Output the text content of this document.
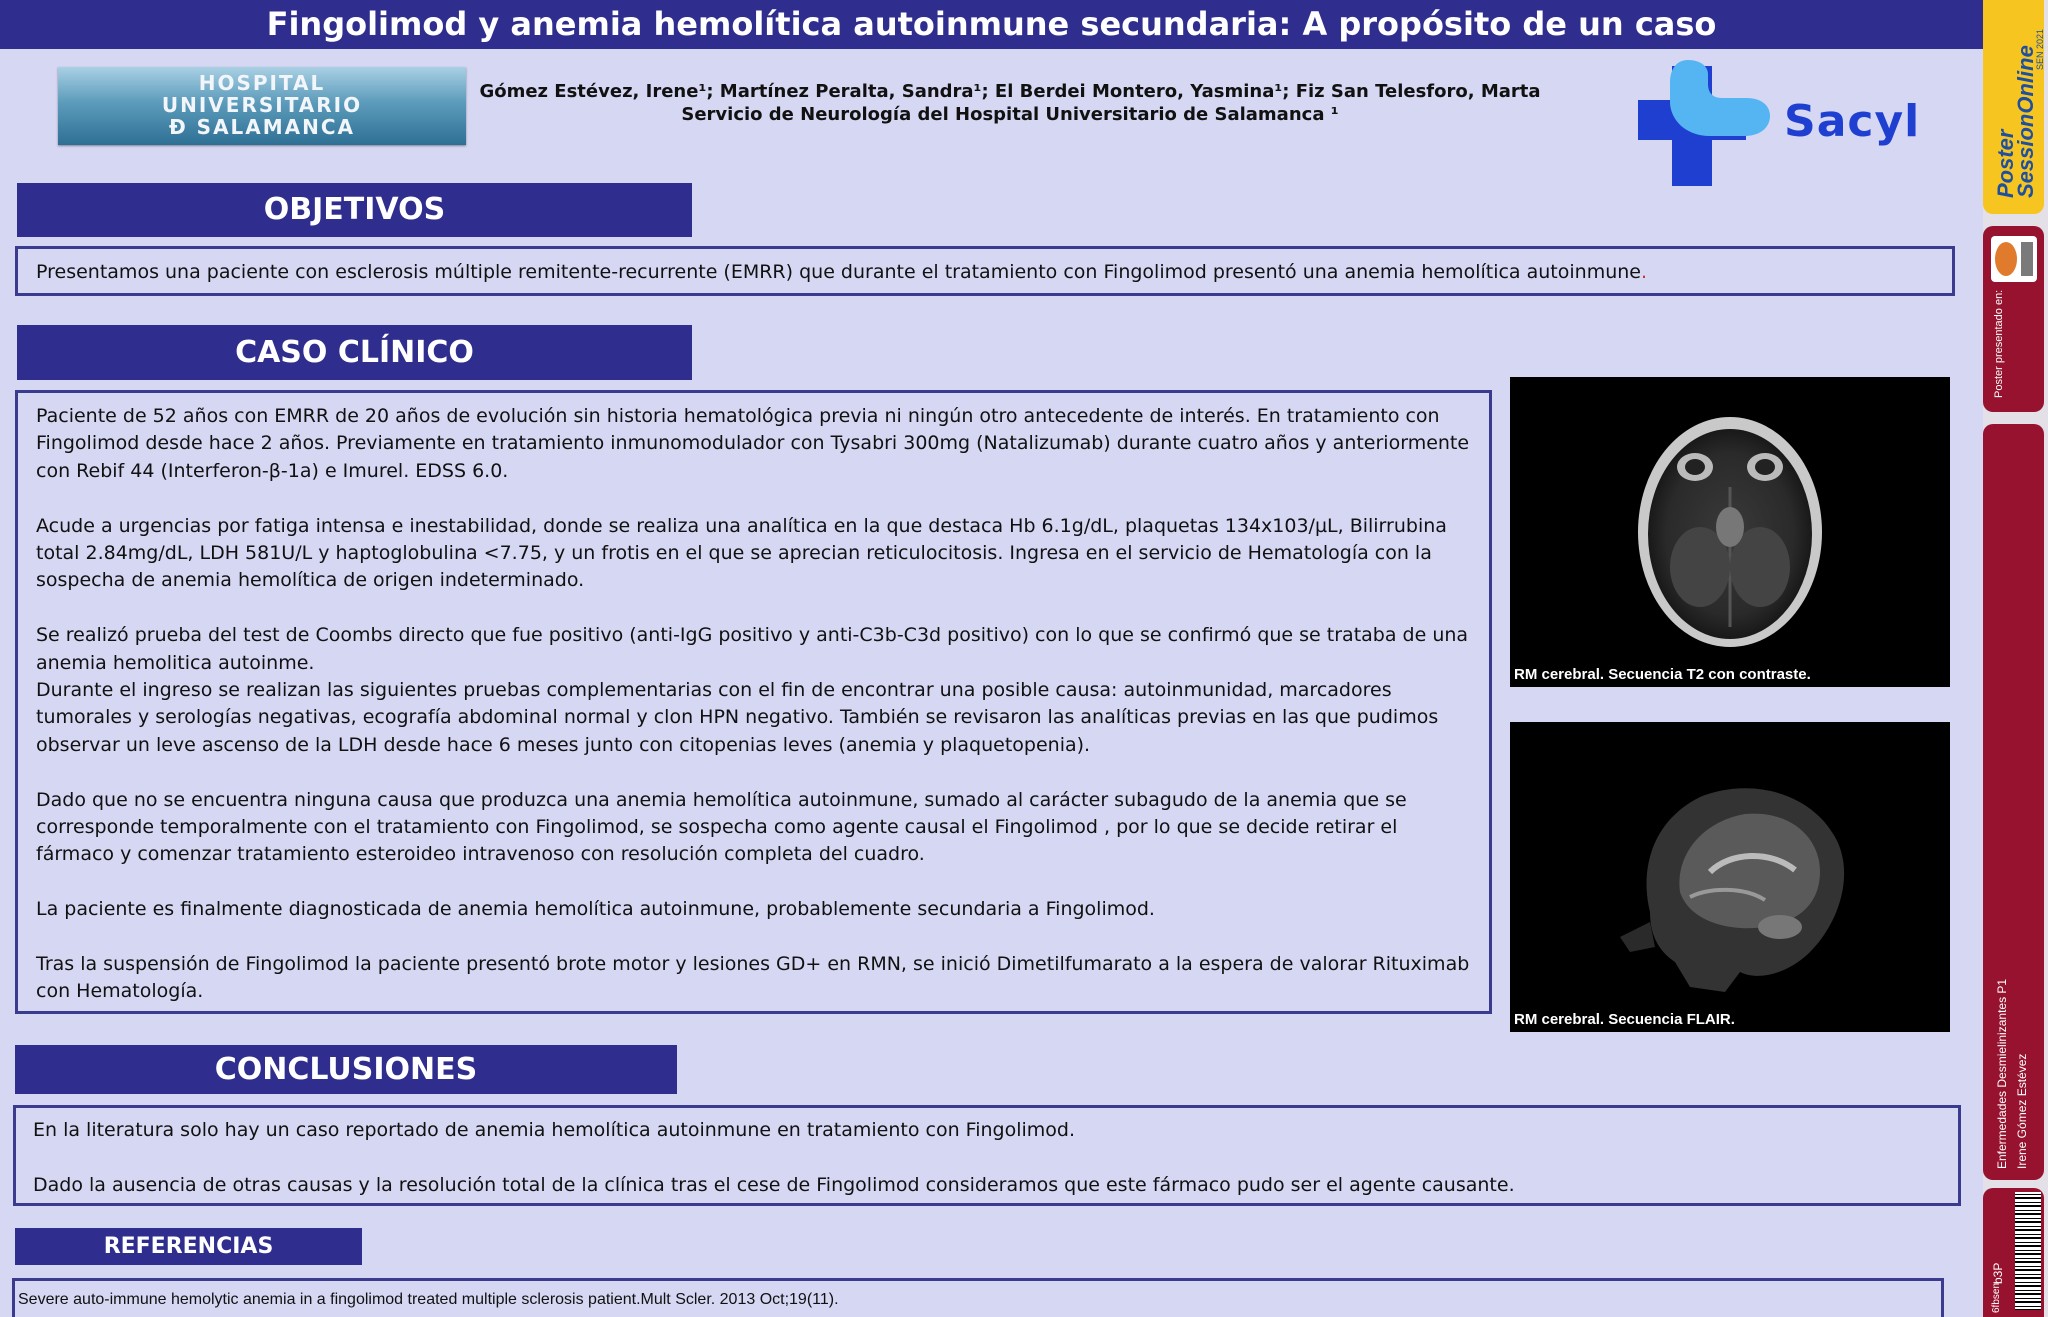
Fingolimod y anemia hemolítica autoinmune secundaria: A propósito de un caso
HOSPITAL
UNIVERSITARIO
Ð SALAMANCA
Gómez Estévez, Irene¹; Martínez Peralta, Sandra¹; El Berdei Montero, Yasmina¹; Fiz San Telesforo, Marta
Servicio de Neurología del Hospital Universitario de Salamanca ¹	Sacyl
OBJETIVOS
Presentamos una paciente con esclerosis múltiple remitente-recurrente (EMRR) que durante el tratamiento con Fingolimod presentó una anemia hemolítica autoinmune.
CASO CLÍNICO

Paciente de 52 años con EMRR de 20 años de evolución sin historia hematológica previa ni ningún otro antecedente de interés. En tratamiento con Fingolimod desde hace 2 años. Previamente en tratamiento inmunomodulador con Tysabri 300mg (Natalizumab) durante cuatro años y anteriormente con Rebif 44 (Interferon-β-1a) e Imurel. EDSS 6.0.

Acude a urgencias por fatiga intensa e inestabilidad, donde se realiza una analítica en la que destaca Hb 6.1g/dL, plaquetas 134x103/µL, Bilirrubina total 2.84mg/dL, LDH 581U/L y haptoglobulina <7.75, y un frotis en el que se aprecian reticulocitosis. Ingresa en el servicio de Hematología con la sospecha de anemia hemolítica de origen indeterminado.

Se realizó prueba del test de Coombs directo que fue positivo (anti-IgG positivo y anti-C3b-C3d positivo) con lo que se confirmó que se trataba de una anemia hemolitica autoinme.

Durante el ingreso se realizan las siguientes pruebas complementarias con el fin de encontrar una posible causa: autoinmunidad, marcadores tumorales y serologías negativas, ecografía abdominal normal y clon HPN negativo. También se revisaron las analíticas previas en las que pudimos observar un leve ascenso de la LDH desde hace 6 meses junto con citopenias leves (anemia y plaquetopenia).

Dado que no se encuentra ninguna causa que produzca una anemia hemolítica autoinmune, sumado al carácter subagudo de la anemia que se corresponde temporalmente con el tratamiento con Fingolimod, se sospecha como agente causal el Fingolimod , por lo que se decide retirar el fármaco y comenzar tratamiento esteroideo intravenoso con resolución completa del cuadro.

La paciente es finalmente diagnosticada de anemia hemolítica autoinmune, probablemente secundaria a Fingolimod.

Tras la suspensión de Fingolimod la paciente presentó brote motor y lesiones GD+ en RMN, se inició Dimetilfumarato a la espera de valorar Rituximab con Hematología.

RM cerebral. Secuencia T2 con contraste.
RM cerebral. Secuencia FLAIR.
CONCLUSIONES

En la literatura solo hay un caso reportado de anemia hemolítica autoinmune en tratamiento con Fingolimod.

Dado la ausencia de otras causas y la resolución total de la clínica tras el cese de Fingolimod consideramos que este fármaco pudo ser el agente causante.

REFERENCIAS
Severe auto-immune hemolytic anemia in a fingolimod treated multiple sclerosis patient.Mult Scler. 2013 Oct;19(11).
Poster
SessionOnline
SEN 2021
Poster presentado en:
Enfermedades Desmielinizantes P1 Irene Gómez Estévez
b3P
6fbsen
